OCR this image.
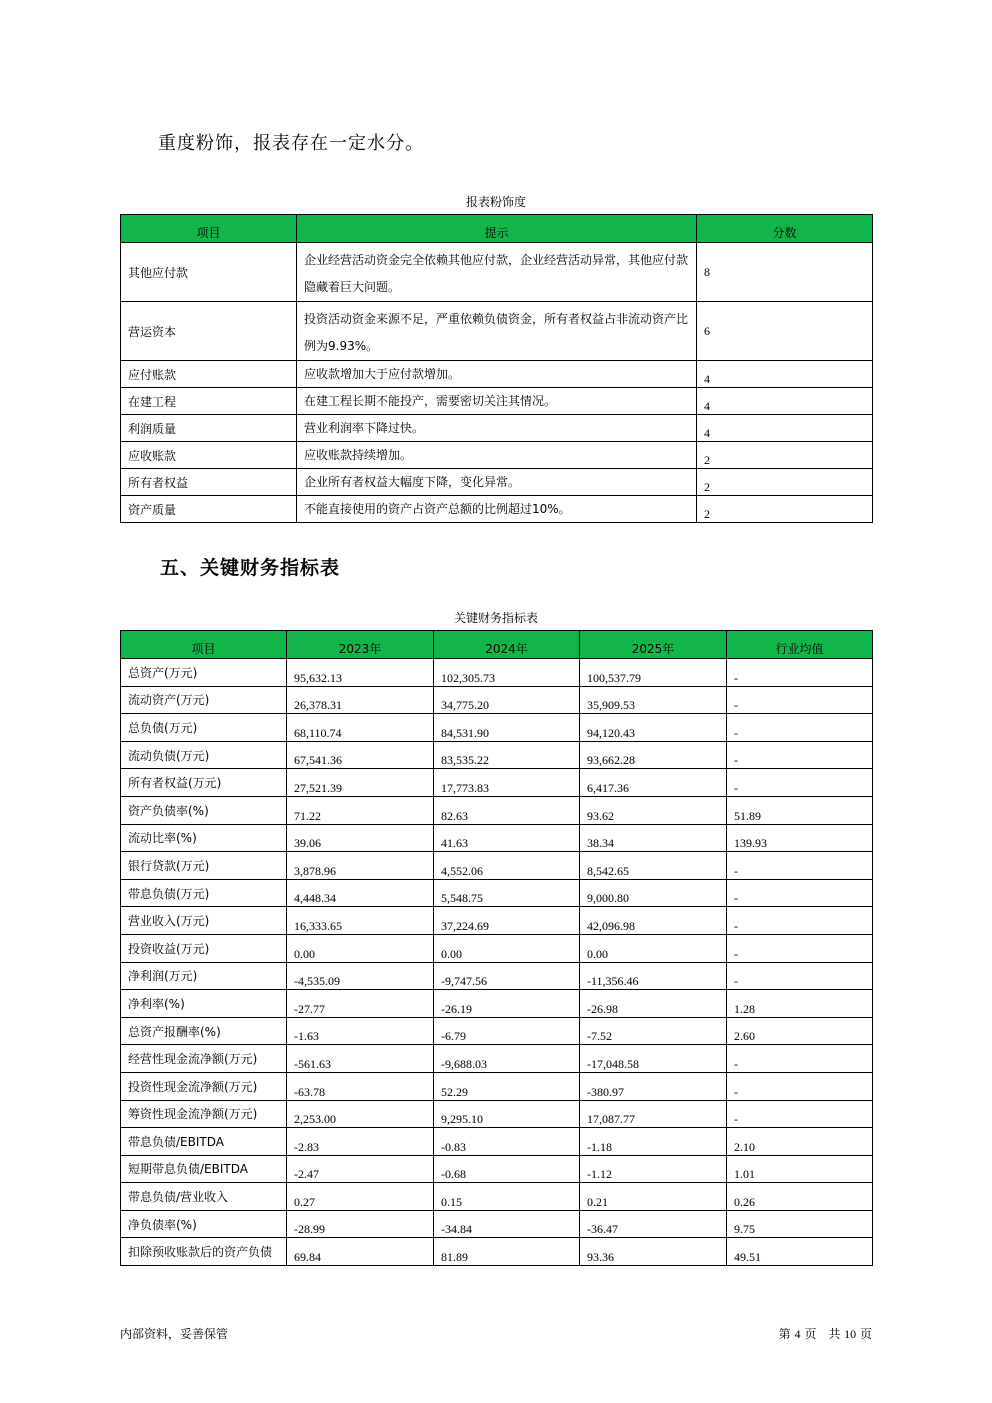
重度粉饰，报表存在一定水分。
报表粉饰度
项目	提示	分数
其他应付款	企业经营活动资金完全依赖其他应付款，企业经营活动异常，其他应付款隐藏着巨大问题。	8
营运资本	投资活动资金来源不足，严重依赖负债资金，所有者权益占非流动资产比例为9.93%。	6
应付账款	应收款增加大于应付款增加。	4
在建工程	在建工程长期不能投产，需要密切关注其情况。	4
利润质量	营业利润率下降过快。	4
应收账款	应收账款持续增加。	2
所有者权益	企业所有者权益大幅度下降，变化异常。	2
资产质量	不能直接使用的资产占资产总额的比例超过10%。	2
五、关键财务指标表
关键财务指标表
项目	2023年	2024年	2025年	行业均值
总资产(万元)	95,632.13	102,305.73	100,537.79	-
流动资产(万元)	26,378.31	34,775.20	35,909.53	-
总负债(万元)	68,110.74	84,531.90	94,120.43	-
流动负债(万元)	67,541.36	83,535.22	93,662.28	-
所有者权益(万元)	27,521.39	17,773.83	6,417.36	-
资产负债率(%)	71.22	82.63	93.62	51.89
流动比率(%)	39.06	41.63	38.34	139.93
银行贷款(万元)	3,878.96	4,552.06	8,542.65	-
带息负债(万元)	4,448.34	5,548.75	9,000.80	-
营业收入(万元)	16,333.65	37,224.69	42,096.98	-
投资收益(万元)	0.00	0.00	0.00	-
净利润(万元)	-4,535.09	-9,747.56	-11,356.46	-
净利率(%)	-27.77	-26.19	-26.98	1.28
总资产报酬率(%)	-1.63	-6.79	-7.52	2.60
经营性现金流净额(万元)	-561.63	-9,688.03	-17,048.58	-
投资性现金流净额(万元)	-63.78	52.29	-380.97	-
筹资性现金流净额(万元)	2,253.00	9,295.10	17,087.77	-
带息负债/EBITDA	-2.83	-0.83	-1.18	2.10
短期带息负债/EBITDA	-2.47	-0.68	-1.12	1.01
带息负债/营业收入	0.27	0.15	0.21	0.26
净负债率(%)	-28.99	-34.84	-36.47	9.75
扣除预收账款后的资产负债	69.84	81.89	93.36	49.51
内部资料，妥善保管	第 4 页　共 10 页
